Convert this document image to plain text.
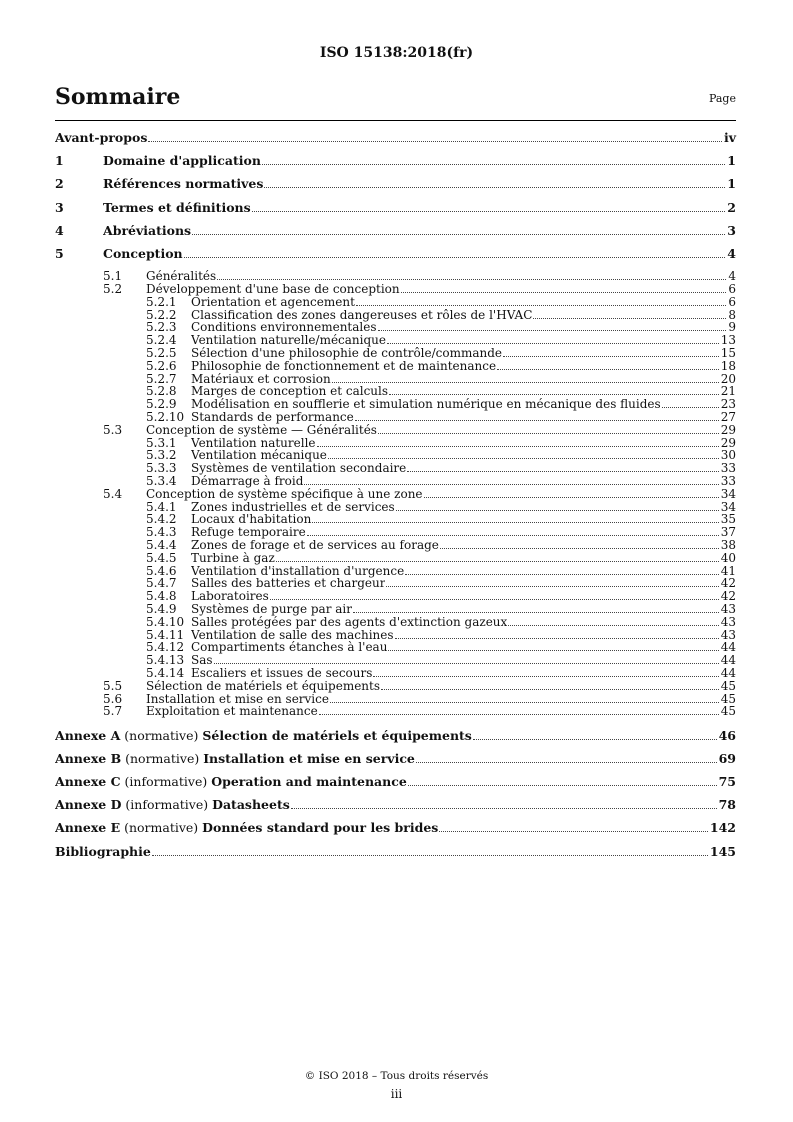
ISO 15138:2018(fr)
Sommaire	Page
Avant-propos	iv
1	Domaine d'application	1
2	Références normatives	1
3	Termes et définitions	2
4	Abréviations	3
5	Conception	4
5.1	Généralités	4
5.2	Développement d'une base de conception	6
5.2.1	Orientation et agencement	6
5.2.2	Classification des zones dangereuses et rôles de l'HVAC	8
5.2.3	Conditions environnementales	9
5.2.4	Ventilation naturelle/mécanique	13
5.2.5	Sélection d'une philosophie de contrôle/commande	15
5.2.6	Philosophie de fonctionnement et de maintenance	18
5.2.7	Matériaux et corrosion	20
5.2.8	Marges de conception et calculs	21
5.2.9	Modélisation en soufflerie et simulation numérique en mécanique des fluides	23
5.2.10 Standards de performance	27
5.3	Conception de système — Généralités	29
5.3.1	Ventilation naturelle	29
5.3.2	Ventilation mécanique	30
5.3.3	Systèmes de ventilation secondaire	33
5.3.4	Démarrage à froid	33
5.4	Conception de système spécifique à une zone	34
5.4.1	Zones industrielles et de services	34
5.4.2	Locaux d'habitation	35
5.4.3	Refuge temporaire	37
5.4.4	Zones de forage et de services au forage	38
5.4.5	Turbine à gaz	40
5.4.6	Ventilation d'installation d'urgence	41
5.4.7	Salles des batteries et chargeur	42
5.4.8	Laboratoires	42
5.4.9	Systèmes de purge par air	43
5.4.10 Salles protégées par des agents d'extinction gazeux	43
5.4.11 Ventilation de salle des machines	43
5.4.12 Compartiments étanches à l'eau	44
5.4.13 Sas	44
5.4.14 Escaliers et issues de secours	44
5.5	Sélection de matériels et équipements	45
5.6	Installation et mise en service	45
5.7	Exploitation et maintenance	45
Annexe A (normative) Sélection de matériels et équipements	46
Annexe B (normative) Installation et mise en service	69
Annexe C (informative) Operation and maintenance	75
Annexe D (informative) Datasheets	78
Annexe E (normative) Données standard pour les brides	142
Bibliographie	145
© ISO 2018 – Tous droits réservés
iii
